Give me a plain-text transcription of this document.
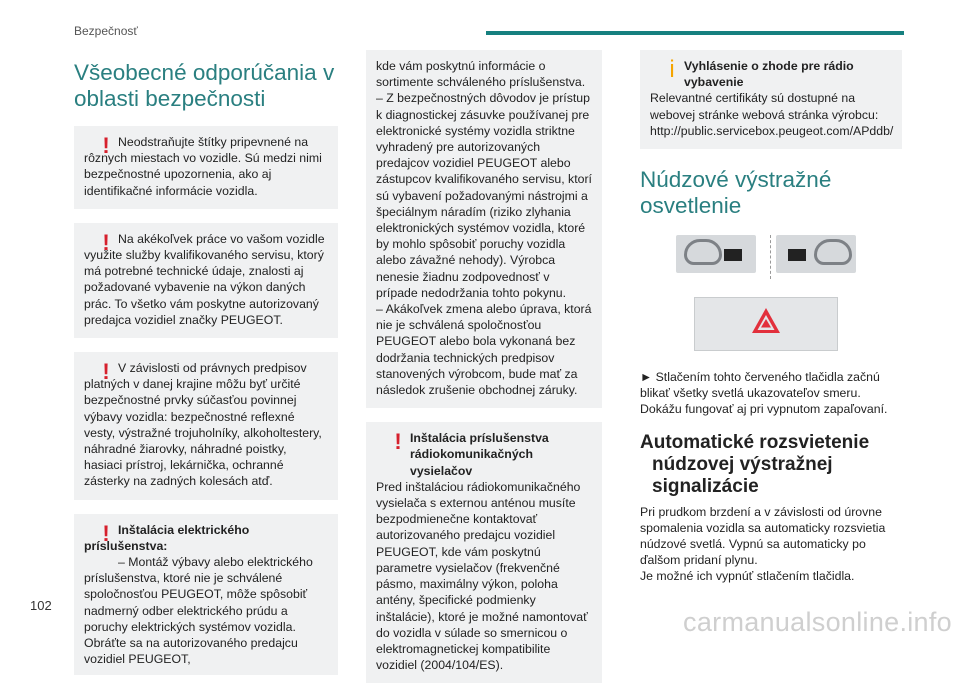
Bezpečnosť
Všeobecné odporúčania v oblasti bezpečnosti
! Neodstraňujte štítky pripevnené na rôznych miestach vo vozidle. Sú medzi nimi bezpečnostné upozornenia, ako aj identifikačné informácie vozidla.
! Na akékoľvek práce vo vašom vozidle využite služby kvalifikovaného servisu, ktorý má potrebné technické údaje, znalosti aj požadované vybavenie na výkon daných prác. To všetko vám poskytne autorizovaný predajca vozidiel značky PEUGEOT.
! V závislosti od právnych predpisov platných v danej krajine môžu byť určité bezpečnostné prvky súčasťou povinnej výbavy vozidla: bezpečnostné reflexné vesty, výstražné trojuholníky, alkoholtestery, náhradné žiarovky, náhradné poistky, hasiaci prístroj, lekárnička, ochranné zásterky na zadných kolesách atď.
! Inštalácia elektrického príslušenstva:
– Montáž výbavy alebo elektrického príslušenstva, ktoré nie je schválené spoločnosťou PEUGEOT, môže spôsobiť nadmerný odber elektrického prúdu a poruchy elektrických systémov vozidla. Obráťte sa na autorizovaného predajcu vozidiel PEUGEOT,
kde vám poskytnú informácie o sortimente schváleného príslušenstva.
– Z bezpečnostných dôvodov je prístup k diagnostickej zásuvke používanej pre elektronické systémy vozidla striktne vyhradený pre autorizovaných predajcov vozidiel PEUGEOT alebo zástupcov kvalifikovaného servisu, ktorí sú vybavení požadovanými nástrojmi a špeciálnym náradím (riziko zlyhania elektronických systémov vozidla, ktoré by mohlo spôsobiť poruchy vozidla alebo závažné nehody). Výrobca nenesie žiadnu zodpovednosť v prípade nedodržania tohto pokynu.
– Akákoľvek zmena alebo úprava, ktorá nie je schválená spoločnosťou PEUGEOT alebo bola vykonaná bez dodržania technických predpisov stanovených výrobcom, bude mať za následok zrušenie obchodnej záruky.
! Inštalácia príslušenstva rádiokomunikačných vysielačov
Pred inštaláciou rádiokomunikačného vysielača s externou anténou musíte bezpodmienečne kontaktovať autorizovaného predajcu vozidiel PEUGEOT, kde vám poskytnú parametre vysielačov (frekvenčné pásmo, maximálny výkon, poloha antény, špecifické podmienky inštalácie), ktoré je možné namontovať do vozidla v súlade so smernicou o elektromagnetickej kompatibilite vozidiel (2004/104/ES).
i Vyhlásenie o zhode pre rádio vybavenie
Relevantné certifikáty sú dostupné na webovej stránke webová stránka výrobcu: http://public.servicebox.peugeot.com/APddb/
Núdzové výstražné osvetlenie
► Stlačením tohto červeného tlačidla začnú blikať všetky svetlá ukazovateľov smeru. Dokážu fungovať aj pri vypnutom zapaľovaní.
Automatické rozsvietenie
núdzovej výstražnej signalizácie
Pri prudkom brzdení a v závislosti od úrovne spomalenia vozidla sa automaticky rozsvietia núdzové svetlá. Vypnú sa automaticky po ďalšom pridaní plynu.
Je možné ich vypnúť stlačením tlačidla.
102
carmanualsonline.info
